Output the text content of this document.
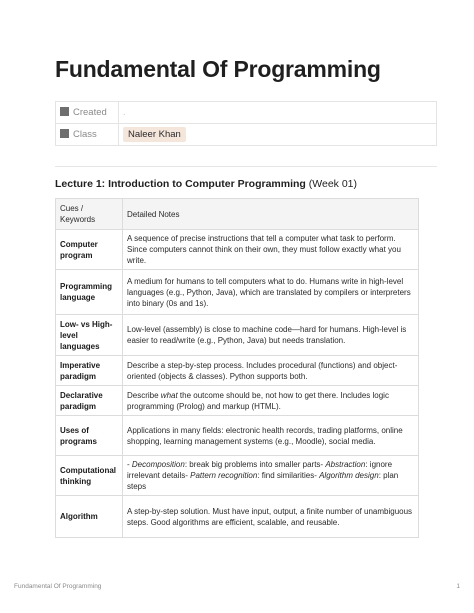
Fundamental Of Programming
Created	.
Class	Naleer Khan
Lecture 1: Introduction to Computer Programming (Week 01)
Cues / Keywords	Detailed Notes
Computer program	A sequence of precise instructions that tell a computer what task to perform. Since computers cannot think on their own, they must follow exactly what you write.
Programming language	A medium for humans to tell computers what to do. Humans write in high-level languages (e.g., Python, Java), which are translated by compilers or interpreters into binary (0s and 1s).
Low- vs High-level languages	Low-level (assembly) is close to machine code—hard for humans. High-level is easier to read/write (e.g., Python, Java) but needs translation.
Imperative paradigm	Describe a step-by-step process. Includes procedural (functions) and object-oriented (objects & classes). Python supports both.
Declarative paradigm	Describe what the outcome should be, not how to get there. Includes logic programming (Prolog) and markup (HTML).
Uses of programs	Applications in many fields: electronic health records, trading platforms, online shopping, learning management systems (e.g., Moodle), social media.
Computational thinking	- Decomposition: break big problems into smaller parts- Abstraction: ignore irrelevant details- Pattern recognition: find similarities- Algorithm design: plan steps
Algorithm	A step-by-step solution. Must have input, output, a finite number of unambiguous steps. Good algorithms are efficient, scalable, and reusable.
Fundamental Of Programming	1
